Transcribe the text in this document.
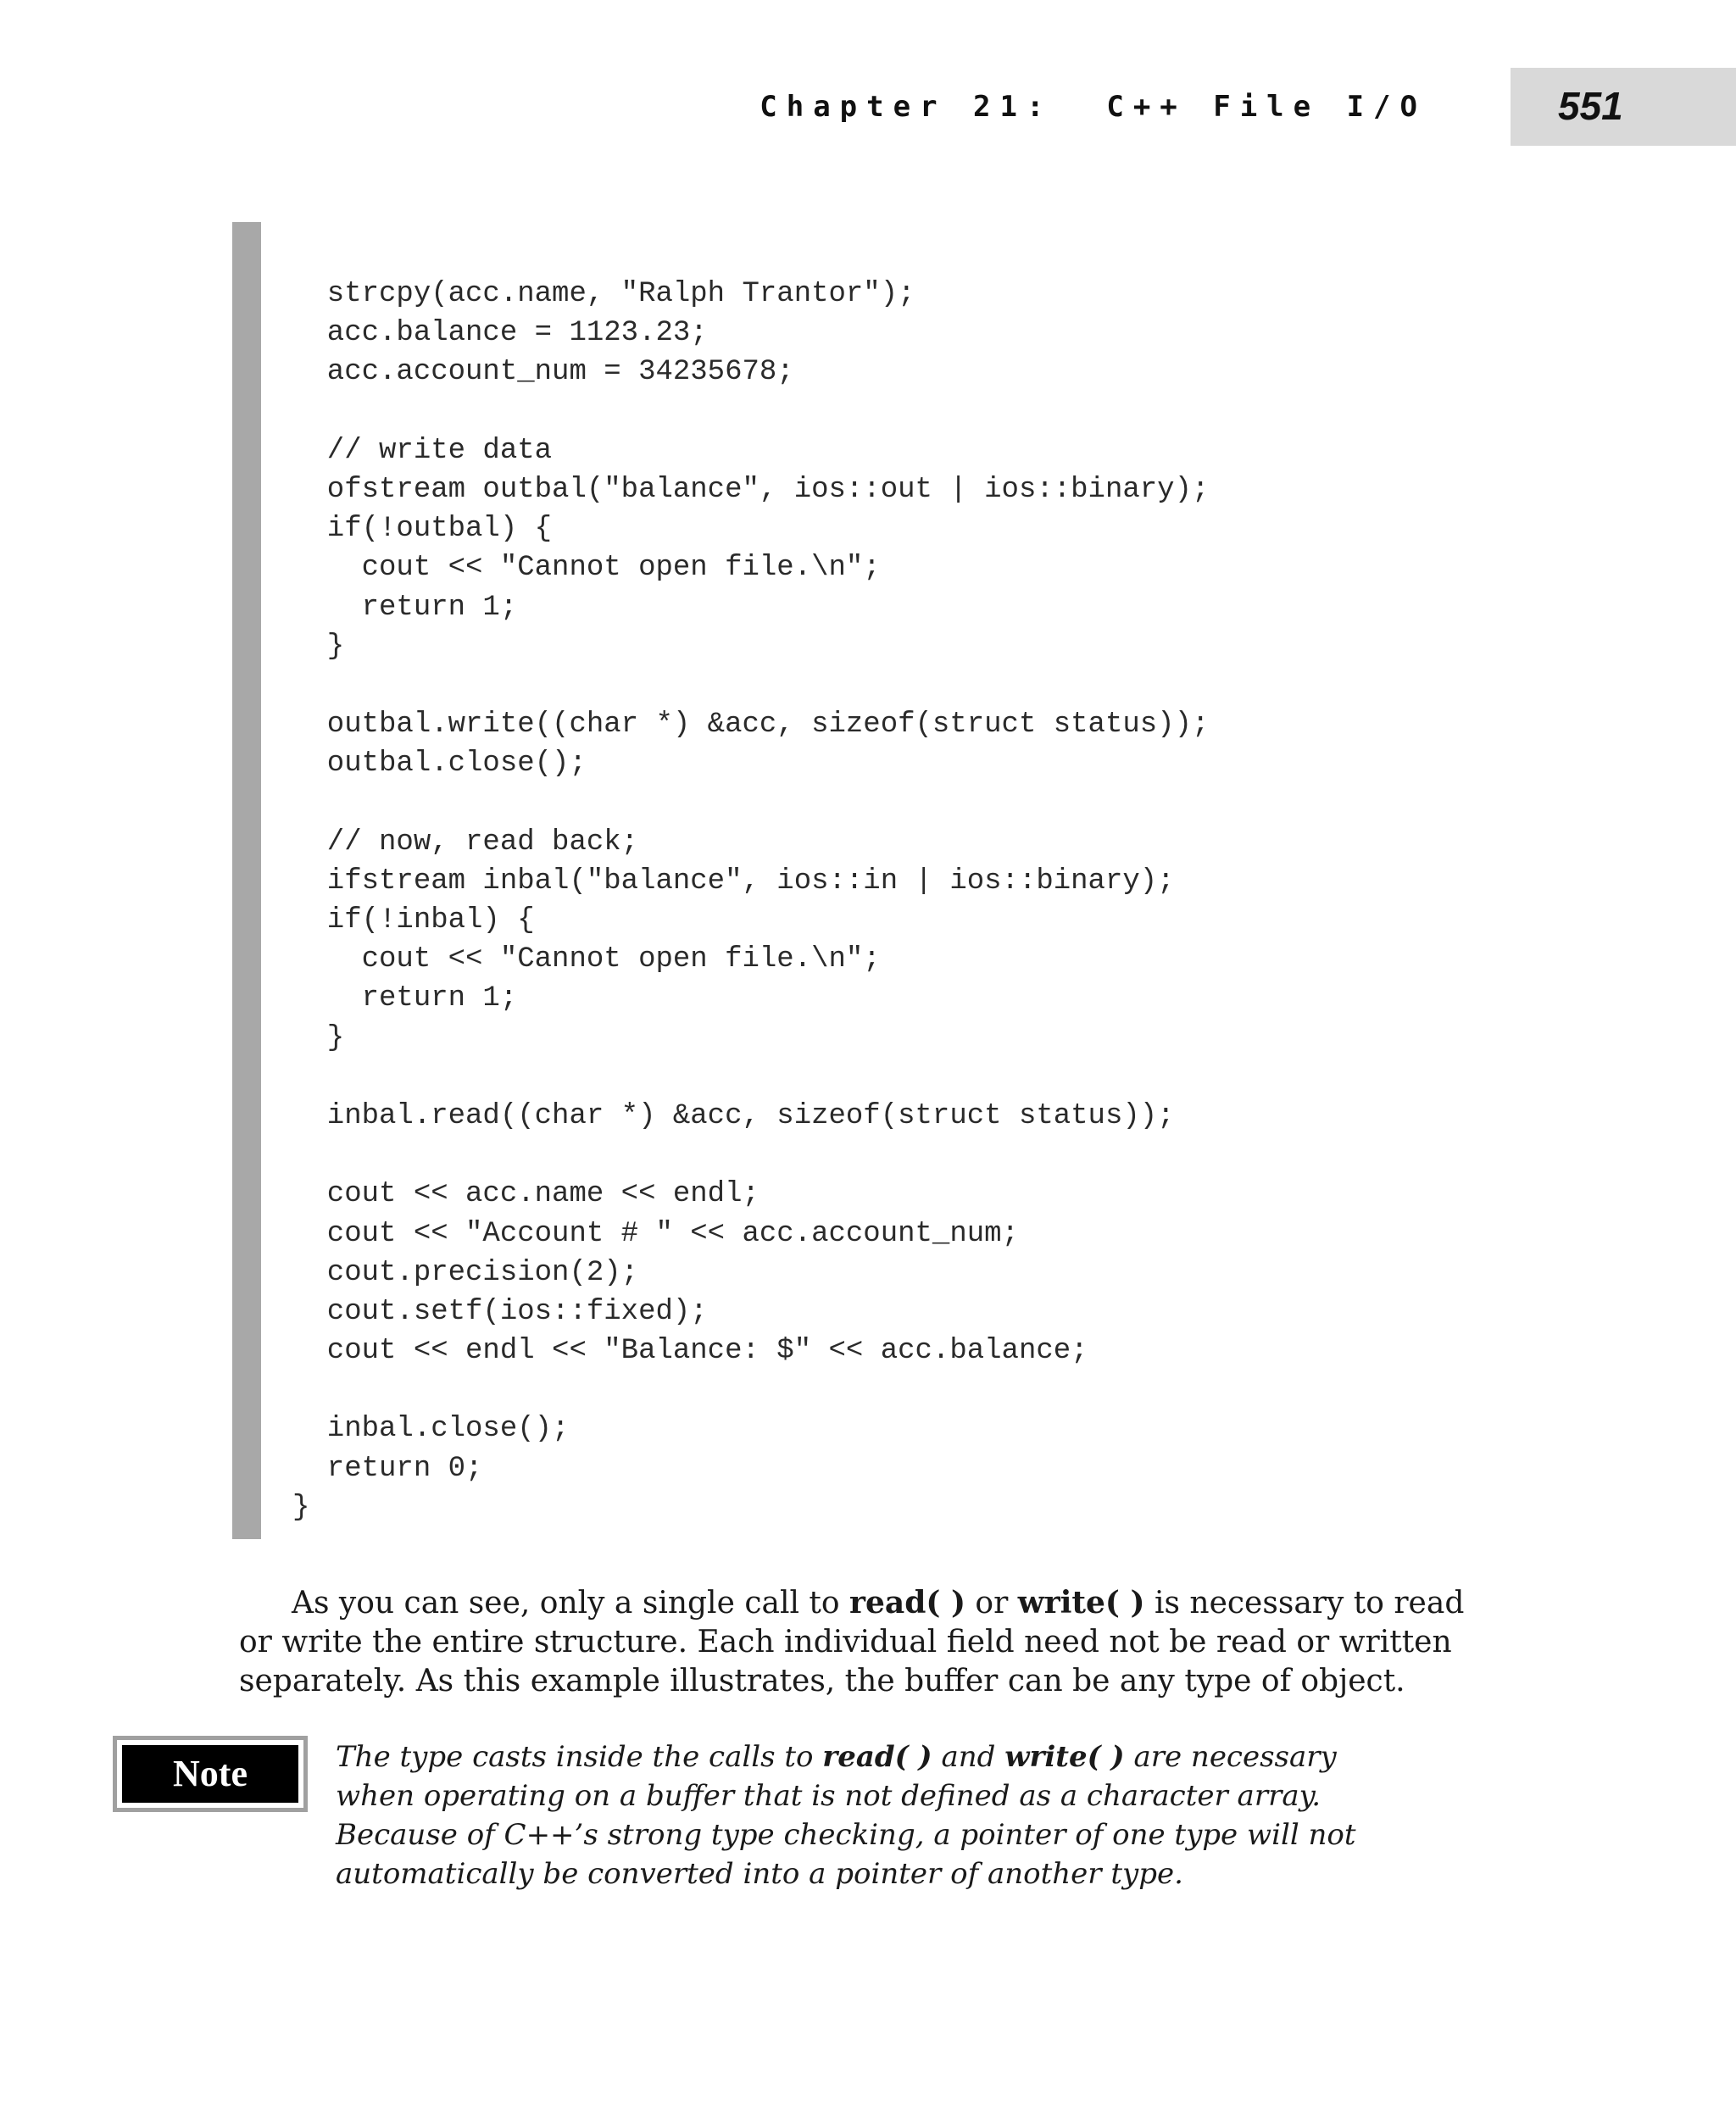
Chapter 21:  C++ File I/O	551
strcpy(acc.name, "Ralph Trantor");
acc.balance = 1123.23;
acc.account_num = 34235678;
// write data
ofstream outbal("balance", ios::out | ios::binary);
if(!outbal) {
cout << "Cannot open file.\n";
return 1;
}
outbal.write((char *) &acc, sizeof(struct status));
outbal.close();
// now, read back;
ifstream inbal("balance", ios::in | ios::binary);
if(!inbal) {
cout << "Cannot open file.\n";
return 1;
}
inbal.read((char *) &acc, sizeof(struct status));
cout << acc.name << endl;
cout << "Account # " << acc.account_num;
cout.precision(2);
cout.setf(ios::fixed);
cout << endl << "Balance: $" << acc.balance;
inbal.close();
return 0;
}

As you can see, only a single call to read( ) or write( ) is necessary to read or write the entire structure. Each individual field need not be read or written separately. As this example illustrates, the buffer can be any type of object.

Note	The type casts inside the calls to read( ) and write( ) are necessary when operating on a buffer that is not defined as a character array. Because of C++’s strong type checking, a pointer of one type will not automatically be converted into a pointer of another type.
